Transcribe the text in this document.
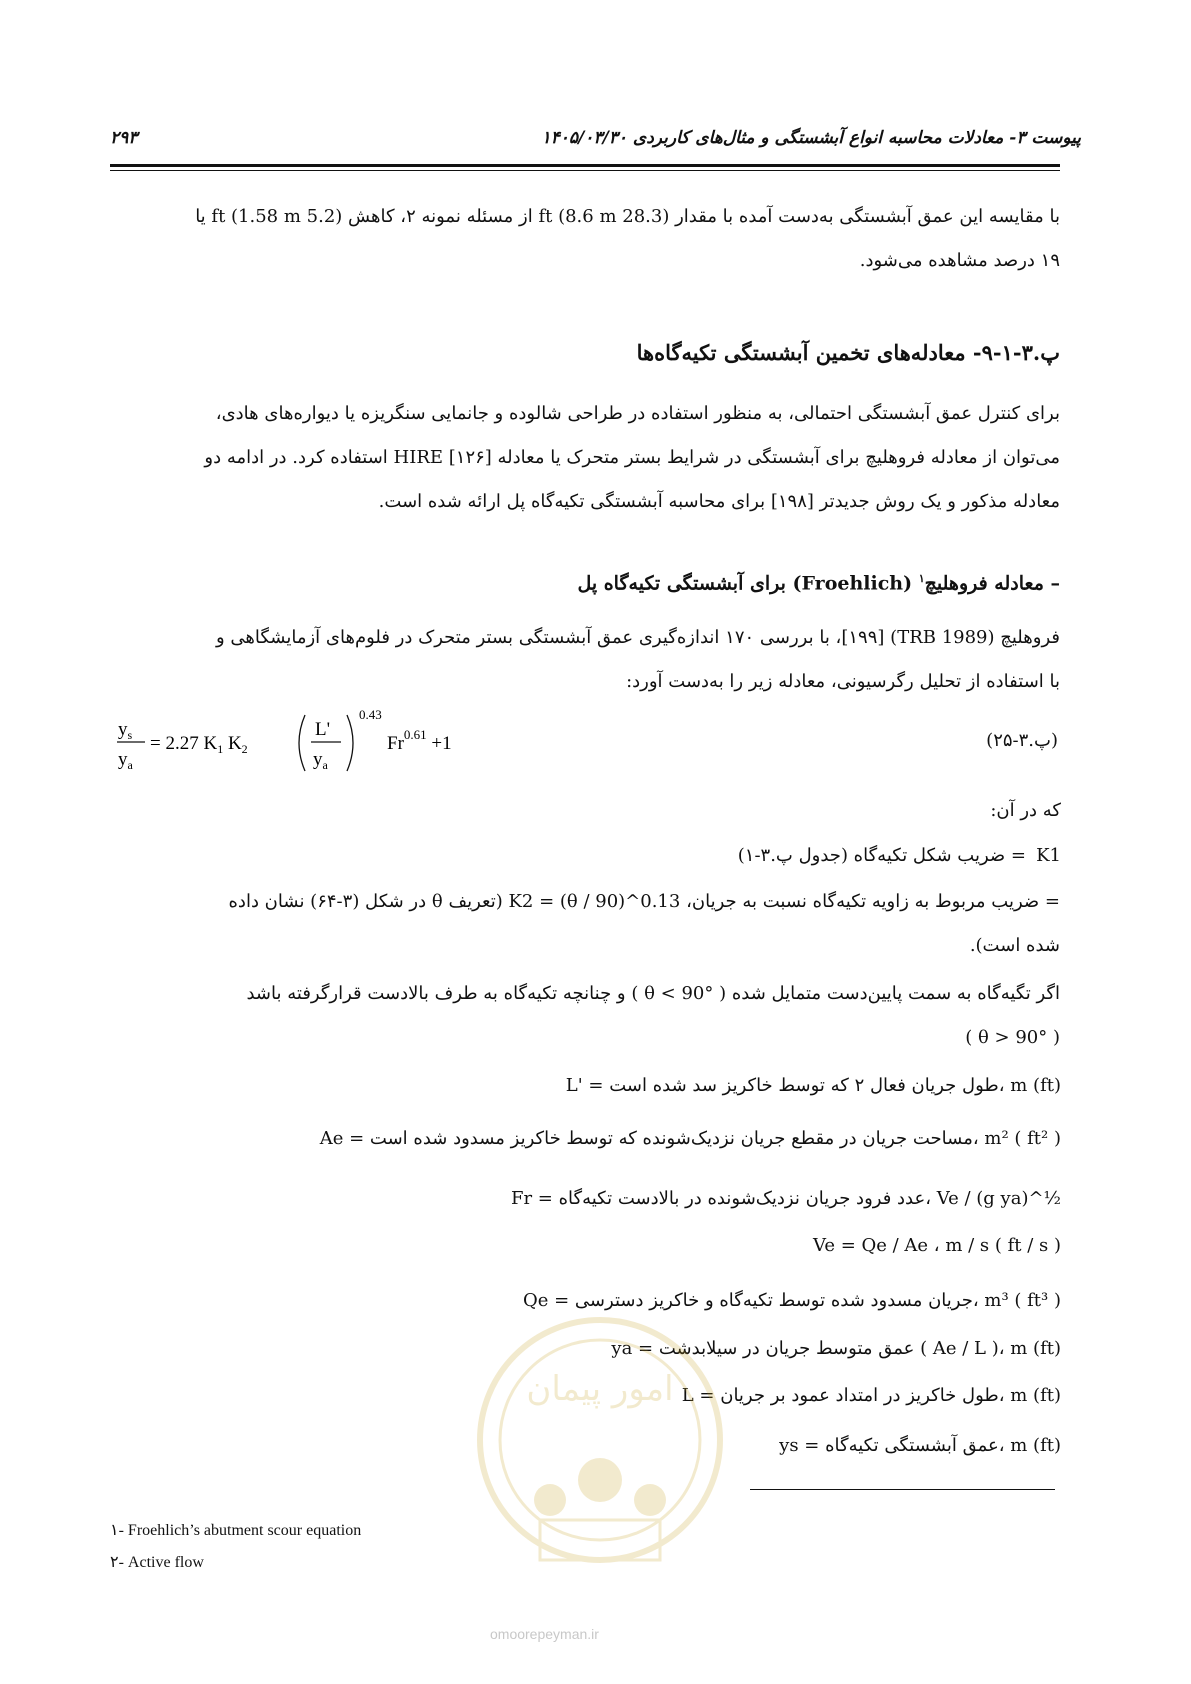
۲۹۳	پیوست ۳- معادلات محاسبه انواع آبشستگی و مثال‌های کاربردی ۱۴۰۵/۰۳/۳۰

با مقایسه این عمق آبشستگی به‌دست آمده با مقدار (28.3 ft (8.6 m از مسئله نمونه ۲، کاهش (5.2 ft (1.58 m یا

۱۹ درصد مشاهده می‌شود.

پ.۳-۱-۹- معادله‌های تخمین آبشستگی تکیه‌گاه‌ها

برای کنترل عمق آبشستگی احتمالی، به منظور استفاده در طراحی شالوده و جانمایی سنگریزه یا دیواره‌های هادی،

می‌توان از معادله فروهلیچ برای آبشستگی در شرایط بستر متحرک یا معادله HIRE [۱۲۶] استفاده کرد. در ادامه دو

معادله مذکور و یک روش جدیدتر [۱۹۸] برای محاسبه آبشستگی تکیه‌گاه پل ارائه شده است.

– معادله فروهلیچ$^۱$ (Froehlich) برای آبشستگی تکیه‌گاه پل

فروهلیچ (TRB 1989) [۱۹۹]، با بررسی ۱۷۰ اندازه‌گیری عمق آبشستگی بستر متحرک در فلوم‌های آزمایشگاهی و

با استفاده از تحلیل رگرسیونی، معادله زیر را به‌دست آورد:

$y_s$
$y_a$
= 2.27 $K_1$ $K_2$
L'
$y_a$
0.43
$Fr^{0.61} +1$	(پ.۳-۲۵)
که در آن:
K1
= ضریب شکل تکیه‌گاه (جدول پ.۳-۱)

= ضریب مربوط به زاویه تکیه‌گاه نسبت به جریان، K2 = (θ / 90)^0.13 (تعریف θ در شکل (۳-۶۴) نشان داده

شده است).

اگر تگیه‌گاه به سمت پایین‌دست متمایل شده ( θ < 90° ) و چنانچه تکیه‌گاه به طرف بالادست قرارگرفته باشد

( θ > 90° )

L' = طول جریان فعال ۲ که توسط خاکریز سد شده است، m (ft)
Ae = مساحت جریان در مقطع جریان نزدیک‌شونده که توسط خاکریز مسدود شده است، m² ( ft² )
Fr = عدد فرود جریان نزدیک‌شونده در بالادست تکیه‌گاه، Ve / (g ya)^½
Ve = Qe / Ae ، m / s ( ft / s )
Qe = جریان مسدود شده توسط تکیه‌گاه و خاکریز دسترسی، m³ ( ft³ )
ya = عمق متوسط جریان در سیلابدشت ( Ae / L )، m (ft)
L = طول خاکریز در امتداد عمود بر جریان، m (ft)
ys = عمق آبشستگی تکیه‌گاه، m (ft)
امور پیمان
۱- Froehlich’s abutment scour equation
۲- Active flow
omoorepeyman.ir
